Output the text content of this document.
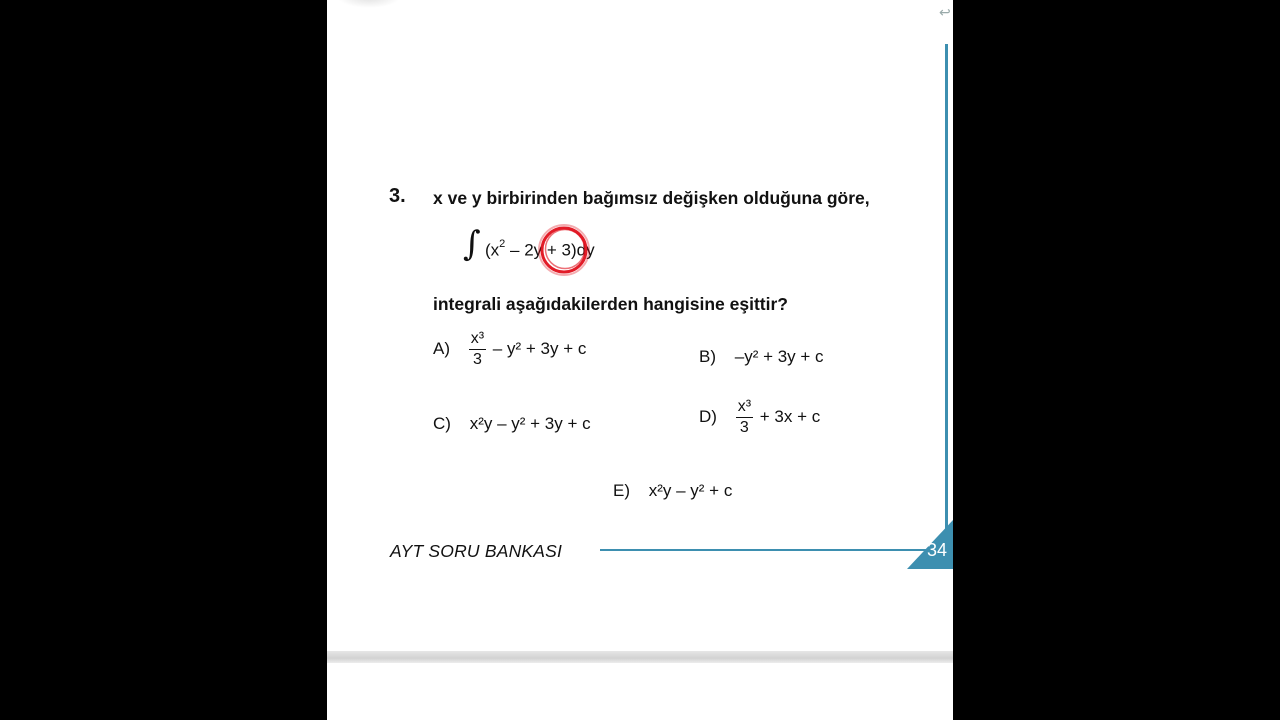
↩
3. x ve y birbirinden bağımsız değişken olduğuna göre,
∫ $(x^2 - 2y + 3)dy$
integrali aşağıdakilerden hangisine eşittir?
$A) \frac{\text{x³}}{3} - y^2 + 3y + c$	B) –y² + 3y + c
C) x²y – y² + 3y + c	$D) \frac{\text{x³}}{3} + 3x + c$
E) x²y – y² + c
AYT SORU BANKASI	34
